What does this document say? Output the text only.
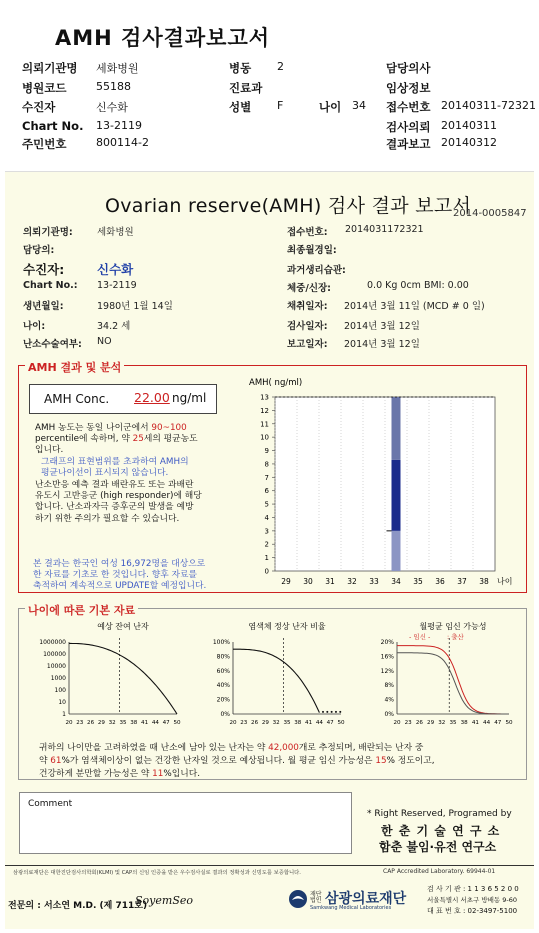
AMH 검사결과보고서
의뢰기관명 세화병원	병동 2	담당의사
병원코드	55188	진료과	임상정보
수진자	신수화	성별 F	나이 34 접수번호 20140311-72321
Chart No. 13-2119	검사의뢰 20140311
주민번호	800114-2	결과보고 20140312
Ovarian reserve(AMH) 검사 결과 보고서
2014-0005847
의뢰기관명:	세화병원
담당의:
수진자:	신수화
Chart No.: 13-2119
생년월일:	1980년 1월 14일
나이:	34.2 세
난소수술여부: NO
접수번호: 2014031172321
최종월경일:
과거생리습관:
체중/신장:	0.0 Kg 0cm BMI: 0.00
채취일자: 2014년 3월 11일 (MCD # 0 일)
검사일자: 2014년 3월 12일
보고일자: 2014년 3월 12일
AMH 결과 및 분석
AMH Conc. 22.00 ng/ml
AMH 농도는 동일 나이군에서 90~100
percentile에 속하며, 약 25세의 평균농도
입니다.
그래프의 표현범위를 초과하여 AMH의
평균나이선이 표시되지 않습니다.
난소반응 예측 결과 배란유도 또는 과배란
유도시 고반응군 (high responder)에 해당
합니다. 난소과자극 증후군의 발생을 예방
하기 위한 주의가 필요할 수 있습니다.
본 결과는 한국인 여성 16,972명을 대상으로
한 자료를 기초로 한 것입니다. 향후 자료를
축적하여 계속적으로 UPDATE할 예정입니다.
AMH( ng/ml)
29 30 31 32 33 34 35 36 37 38 나이
0
1
2
3
4
5
6
7
8
9
10
11
12
13
나이에 따른 기본 자료
예상 잔여 난자
1000000
100000
10000
1000
100
10
1
20 23 26 29 32 35 38 41 44 47 50
염색체 정상 난자 비율
100%
80%
60%
40%
20%
0%
20 23 26 29 32 35 38 41 44 47 50
월평균 임신 가능성
20%
16%
12%
8%
4%
0%
20 23 26 29 32 35 38 41 44 47 50
- 임신 -	: 출산
귀하의 나이만을 고려하였을 때 난소에 남아 있는 난자는 약 42,000개로 추정되며, 배란되는 난자 중
약 61%가 염색체이상이 없는 건강한 난자일 것으로 예상됩니다. 월 평균 임신 가능성은 15% 정도이고,
건강하게 분만할 가능성은 약 11%입니다.
Comment
* Right Reserved, Programed by
한 춘 기 술 연 구 소
함춘 불임·유전 연구소
삼광의료재단은 대한진단검사의학회(KLMI) 및 CAP의 신임 인증을 받은 우수검사실로 결과의 정확성과 신빙도를 보증합니다.	CAP Accredited Laboratory. 69944-01
전문의 : 서소연 M.D. (제 711호)
SoyemSeo	재단 법인 삼광의료재단
Samkwang Medical Laboratories
검 사 기 관 : 1 1 3 6 5 2 0 0
서울특별시 서초구 방배동 9-60
대 표 번 호 : 02-3497-5100
